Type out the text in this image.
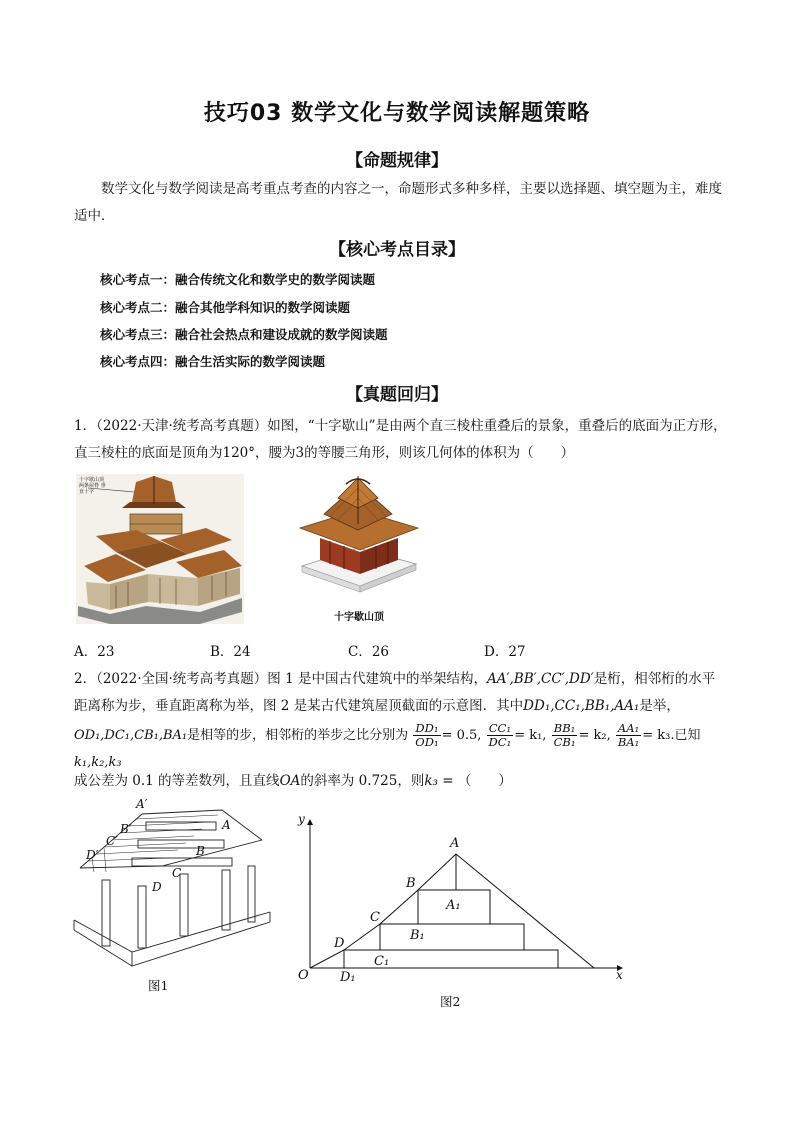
技巧03 数学文化与数学阅读解题策略
【命题规律】
数学文化与数学阅读是高考重点考查的内容之一，命题形式多种多样，主要以选择题、填空题为主，难度适中．
【核心考点目录】
核心考点一：融合传统文化和数学史的数学阅读题
核心考点二：融合其他学科知识的数学阅读题
核心考点三：融合社会热点和建设成就的数学阅读题
核心考点四：融合生活实际的数学阅读题
【真题回归】
1．（2022·天津·统考高考真题）如图，“十字歇山”是由两个直三棱柱重叠后的景象，重叠后的底面为正方形，
直三棱柱的底面是顶角为120°，腰为3的等腰三角形，则该几何体的体积为（　　）
十字歇山顶 两条屋脊 垂直十字
十字歇山顶
A．23	B．24	C．26	D．27
2．（2022·全国·统考高考真题）图 1 是中国古代建筑中的举架结构，AA′,BB′,CC′,DD′是桁，相邻桁的水平
距离称为步，垂直距离称为举，图 2 是某古代建筑屋顶截面的示意图．其中DD₁,CC₁,BB₁,AA₁是举，
OD₁,DC₁,CB₁,BA₁是相等的步，相邻桁的举步之比分别为 $\frac{\text{DD₁}}{\text{OD₁}} = 0.5$, $\frac{\text{CC₁}}{\text{DC₁}} = k_1$, $\frac{\text{BB₁}}{\text{CB₁}} = k_2$, $\frac{\text{AA₁}}{\text{BA₁}} = k_3$.已知k₁,k₂,k₃
成公差为 0.1 的等差数列，且直线OA的斜率为 0.725，则k₃ = （　　）
A′
B′
C′
D′
A
B
C
D
图1
y
x
O
A
B
C
D
A₁
B₁
C₁
D₁
图2
